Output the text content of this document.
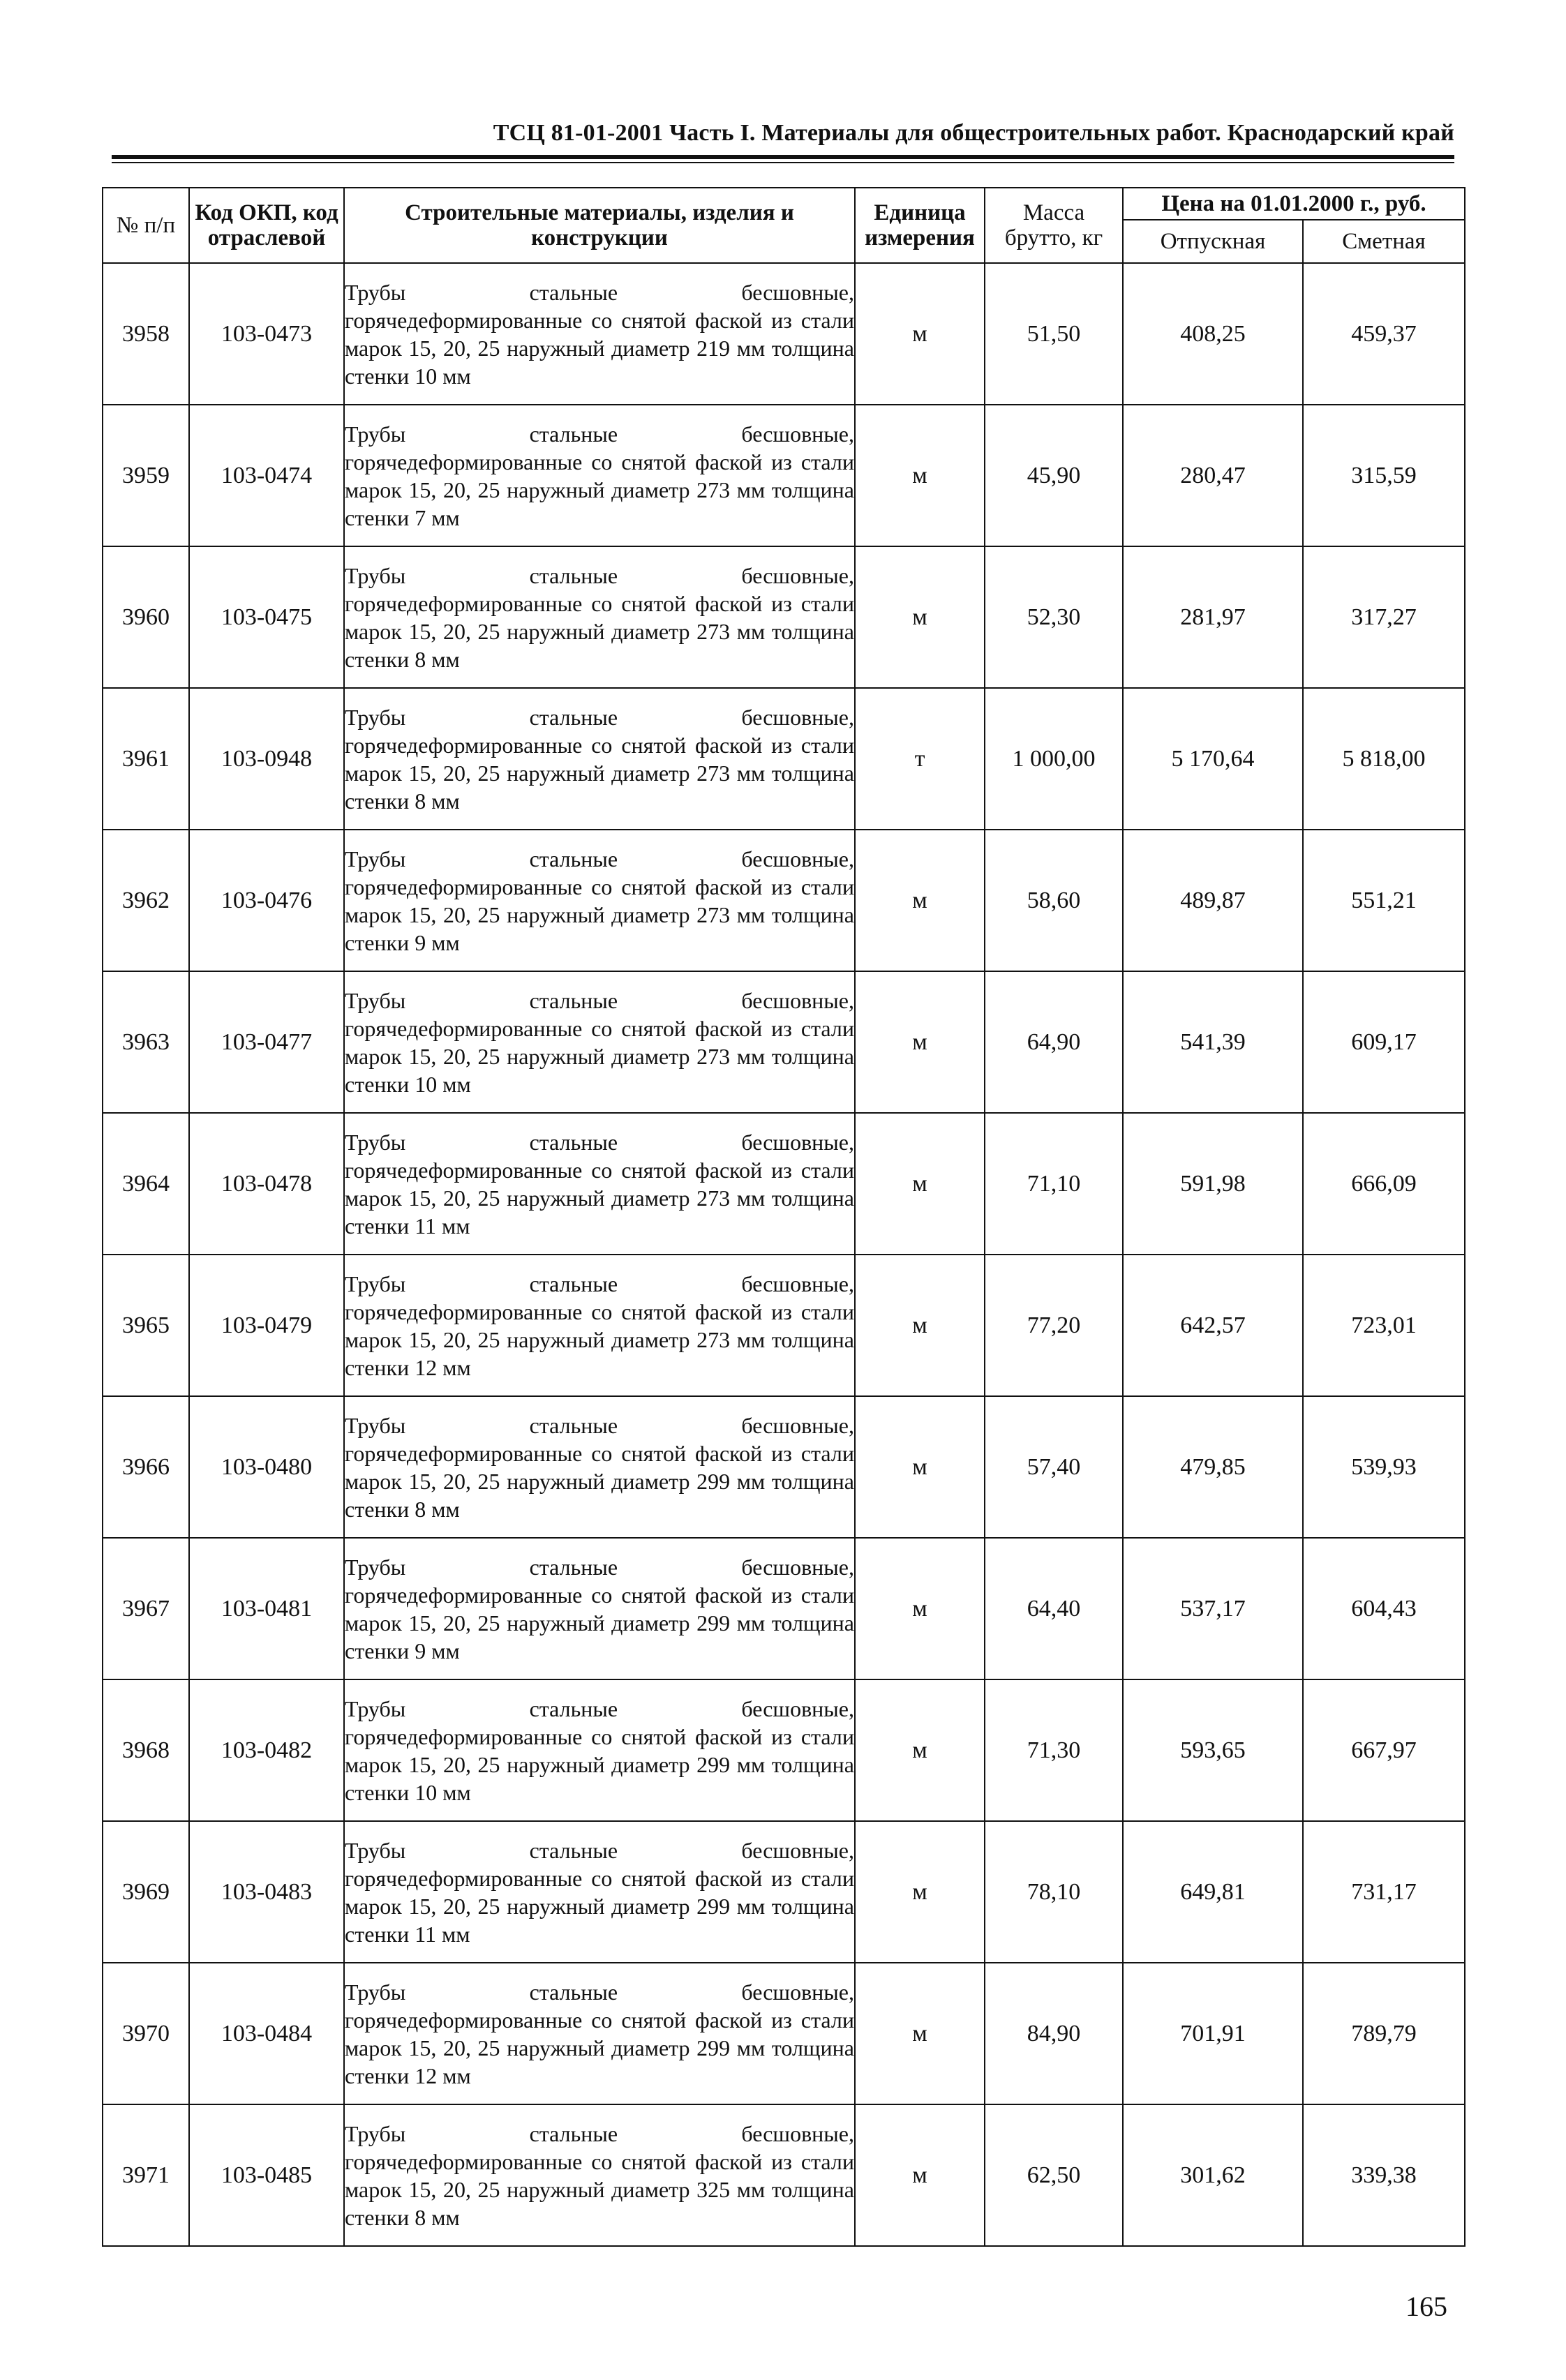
ТСЦ 81-01-2001 Часть I. Материалы для общестроительных работ. Краснодарский край
№ п/п	Код ОКП, код отраслевой	Строительные материалы, изделия и конструкции	Единица измерения	Масса брутто, кг	Цена на 01.01.2000 г., руб.	
					Отпускная	Сметная
3958	103-0473	Трубы стальные бесшовные, горячедеформированные со снятой фаской из стали марок 15, 20, 25 наружный диаметр 219 мм толщина стенки 10 мм	м	51,50	408,25	459,37
3959	103-0474	Трубы стальные бесшовные, горячедеформированные со снятой фаской из стали марок 15, 20, 25 наружный диаметр 273 мм толщина стенки 7 мм	м	45,90	280,47	315,59
3960	103-0475	Трубы стальные бесшовные, горячедеформированные со снятой фаской из стали марок 15, 20, 25 наружный диаметр 273 мм толщина стенки 8 мм	м	52,30	281,97	317,27
3961	103-0948	Трубы стальные бесшовные, горячедеформированные со снятой фаской из стали марок 15, 20, 25 наружный диаметр 273 мм толщина стенки 8 мм	т	1 000,00	5 170,64	5 818,00
3962	103-0476	Трубы стальные бесшовные, горячедеформированные со снятой фаской из стали марок 15, 20, 25 наружный диаметр 273 мм толщина стенки 9 мм	м	58,60	489,87	551,21
3963	103-0477	Трубы стальные бесшовные, горячедеформированные со снятой фаской из стали марок 15, 20, 25 наружный диаметр 273 мм толщина стенки 10 мм	м	64,90	541,39	609,17
3964	103-0478	Трубы стальные бесшовные, горячедеформированные со снятой фаской из стали марок 15, 20, 25 наружный диаметр 273 мм толщина стенки 11 мм	м	71,10	591,98	666,09
3965	103-0479	Трубы стальные бесшовные, горячедеформированные со снятой фаской из стали марок 15, 20, 25 наружный диаметр 273 мм толщина стенки 12 мм	м	77,20	642,57	723,01
3966	103-0480	Трубы стальные бесшовные, горячедеформированные со снятой фаской из стали марок 15, 20, 25 наружный диаметр 299 мм толщина стенки 8 мм	м	57,40	479,85	539,93
3967	103-0481	Трубы стальные бесшовные, горячедеформированные со снятой фаской из стали марок 15, 20, 25 наружный диаметр 299 мм толщина стенки 9 мм	м	64,40	537,17	604,43
3968	103-0482	Трубы стальные бесшовные, горячедеформированные со снятой фаской из стали марок 15, 20, 25 наружный диаметр 299 мм толщина стенки 10 мм	м	71,30	593,65	667,97
3969	103-0483	Трубы стальные бесшовные, горячедеформированные со снятой фаской из стали марок 15, 20, 25 наружный диаметр 299 мм толщина стенки 11 мм	м	78,10	649,81	731,17
3970	103-0484	Трубы стальные бесшовные, горячедеформированные со снятой фаской из стали марок 15, 20, 25 наружный диаметр 299 мм толщина стенки 12 мм	м	84,90	701,91	789,79
3971	103-0485	Трубы стальные бесшовные, горячедеформированные со снятой фаской из стали марок 15, 20, 25 наружный диаметр 325 мм толщина стенки 8 мм	м	62,50	301,62	339,38
165
